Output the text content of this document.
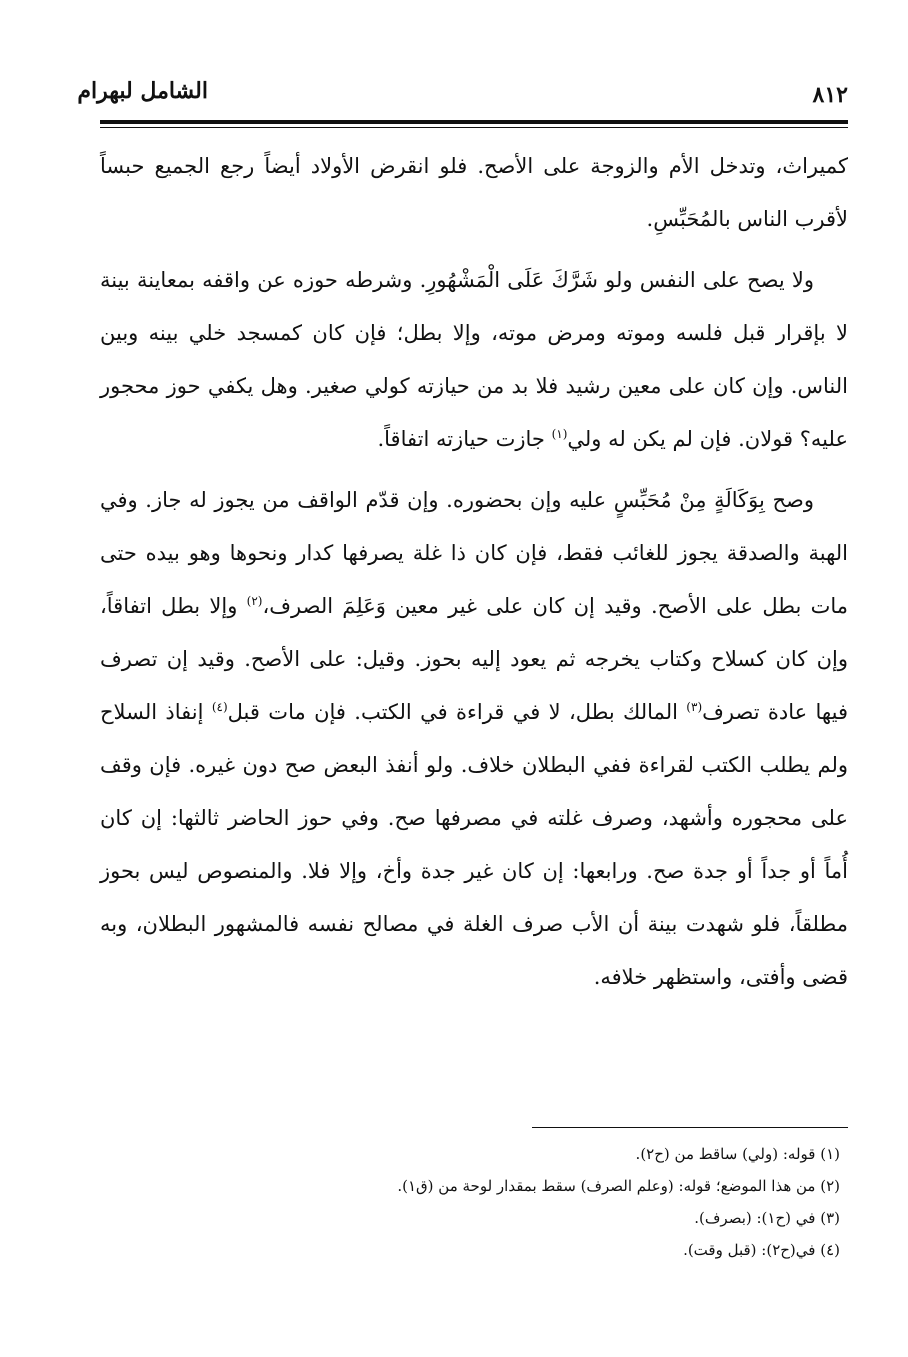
الشامل لبهرام	٨١٢

كميراث، وتدخل الأم والزوجة على الأصح. فلو انقرض الأولاد أيضاً رجع الجميع حبساً لأقرب الناس بالمُحَبِّسِ.

ولا يصح على النفس ولو شَرَّكَ عَلَى الْمَشْهُورِ. وشرطه حوزه عن واقفه بمعاينة بينة لا بإقرار قبل فلسه وموته ومرض موته، وإلا بطل؛ فإن كان كمسجد خلي بينه وبين الناس. وإن كان على معين رشيد فلا بد من حيازته كولي صغير. وهل يكفي حوز محجور عليه؟ قولان. فإن لم يكن له ولي$^{(١)}$ جازت حيازته اتفاقاً.

وصح بِوَكَالَةٍ مِنْ مُحَبِّسٍ عليه وإن بحضوره. وإن قدّم الواقف من يجوز له جاز. وفي الهبة والصدقة يجوز للغائب فقط، فإن كان ذا غلة يصرفها كدار ونحوها وهو بيده حتى مات بطل على الأصح. وقيد إن كان على غير معين وَعَلِمَ الصرف،$^{(٢)}$ وإلا بطل اتفاقاً، وإن كان كسلاح وكتاب يخرجه ثم يعود إليه بحوز. وقيل: على الأصح. وقيد إن تصرف فيها عادة تصرف$^{(٣)}$ المالك بطل، لا في قراءة في الكتب. فإن مات قبل$^{(٤)}$ إنفاذ السلاح ولم يطلب الكتب لقراءة ففي البطلان خلاف. ولو أنفذ البعض صح دون غيره. فإن وقف على محجوره وأشهد، وصرف غلته في مصرفها صح. وفي حوز الحاضر ثالثها: إن كان أُماً أو جداً أو جدة صح. ورابعها: إن كان غير جدة وأخ، وإلا فلا. والمنصوص ليس بحوز مطلقاً، فلو شهدت بينة أن الأب صرف الغلة في مصالح نفسه فالمشهور البطلان، وبه قضى وأفتى، واستظهر خلافه.

(١) قوله: (ولي) ساقط من (ح٢).
(٢) من هذا الموضع؛ قوله: (وعلم الصرف) سقط بمقدار لوحة من (ق١).
(٣) في (ح١): (بصرف).
(٤) في(ح٢): (قبل وقت).
